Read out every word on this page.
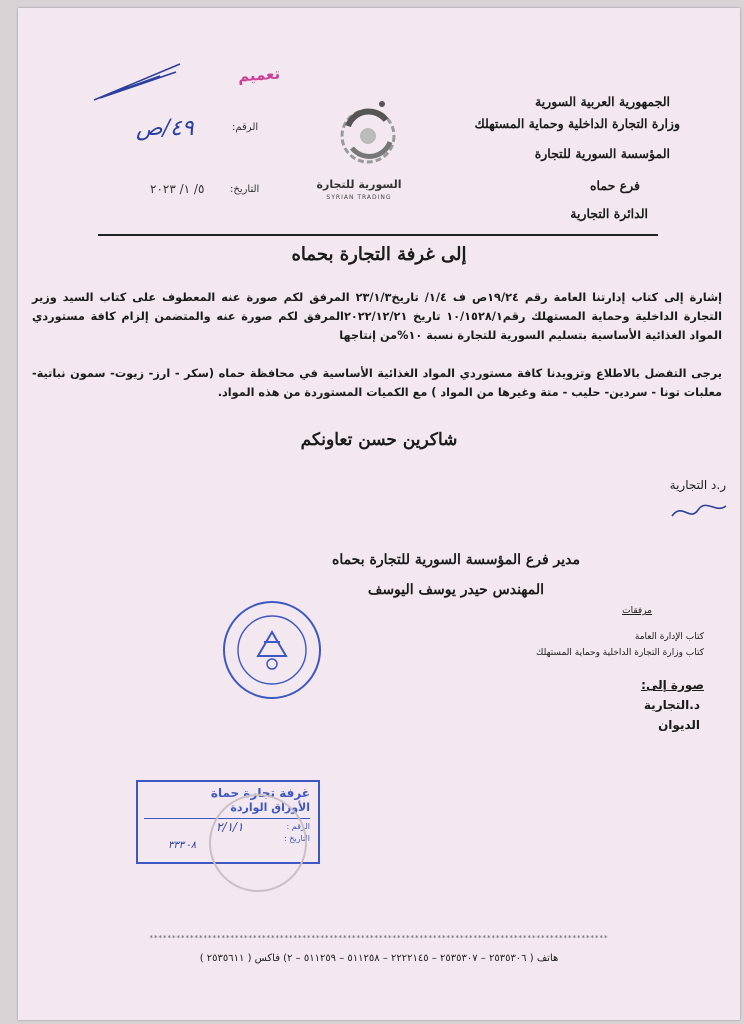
تعميم
الجمهورية العربية السورية
وزارة التجارة الداخلية وحماية المستهلك
المؤسسة السورية للتجارة
فرع حماه
الدائرة التجارية
السورية للتجارة
SYRIAN TRADING
الرقم:
٤٩/ص
التاريخ:
٥/ ١/ ٢٠٢٣
إلى غرفة التجارة بحماه
إشارة إلى كتاب إدارتنا العامة رقم ١٩/٢٤ص ف ١/٤/ تاريخ٢٣/١/٣ المرفق لكم صورة عنه المعطوف على كتاب السيد وزير التجارة الداخلية وحماية المستهلك رقم١٠/١٥٢٨/١ تاريخ ٢٠٢٢/١٢/٢١المرفق لكم صورة عنه والمتضمن إلزام كافة مستوردي المواد الغذائية الأساسية بتسليم السورية للتجارة نسبة ١٠%من إنتاجها
يرجى التفضل بالاطلاع وتزويدنا كافة مستوردي المواد الغذائية الأساسية في محافظة حماه (سكر - ارز- زيوت- سمون نباتية- معلبات تونا - سردين- حليب - متة وغيرها من المواد ) مع الكميات المستوردة من هذه المواد.
شاكرين حسن تعاونكم
ر.د التجارية
مدير فرع المؤسسة السورية للتجارة بحماه
المهندس حيدر يوسف اليوسف
مرفقات
كتاب الإدارة العامة
كتاب وزارة التجارة الداخلية وحماية المستهلك
صورة إلى:
د.التجارية
الديوان
غرفة تجارة حماة
الأوراق الواردة
الرقم :
التاريخ :
٢/١/١
٨- ٣٣٣
******************************************************************************************************
هاتف ( ٢٥٣٥٣٠٦ – ٢٥٣٥٣٠٧ – ٢٢٢٢١٤٥ – ٥١١٢٥٨ – ٥١١٢٥٩ – ٢) فاكس ( ٢٥٣٥٦١١ )
